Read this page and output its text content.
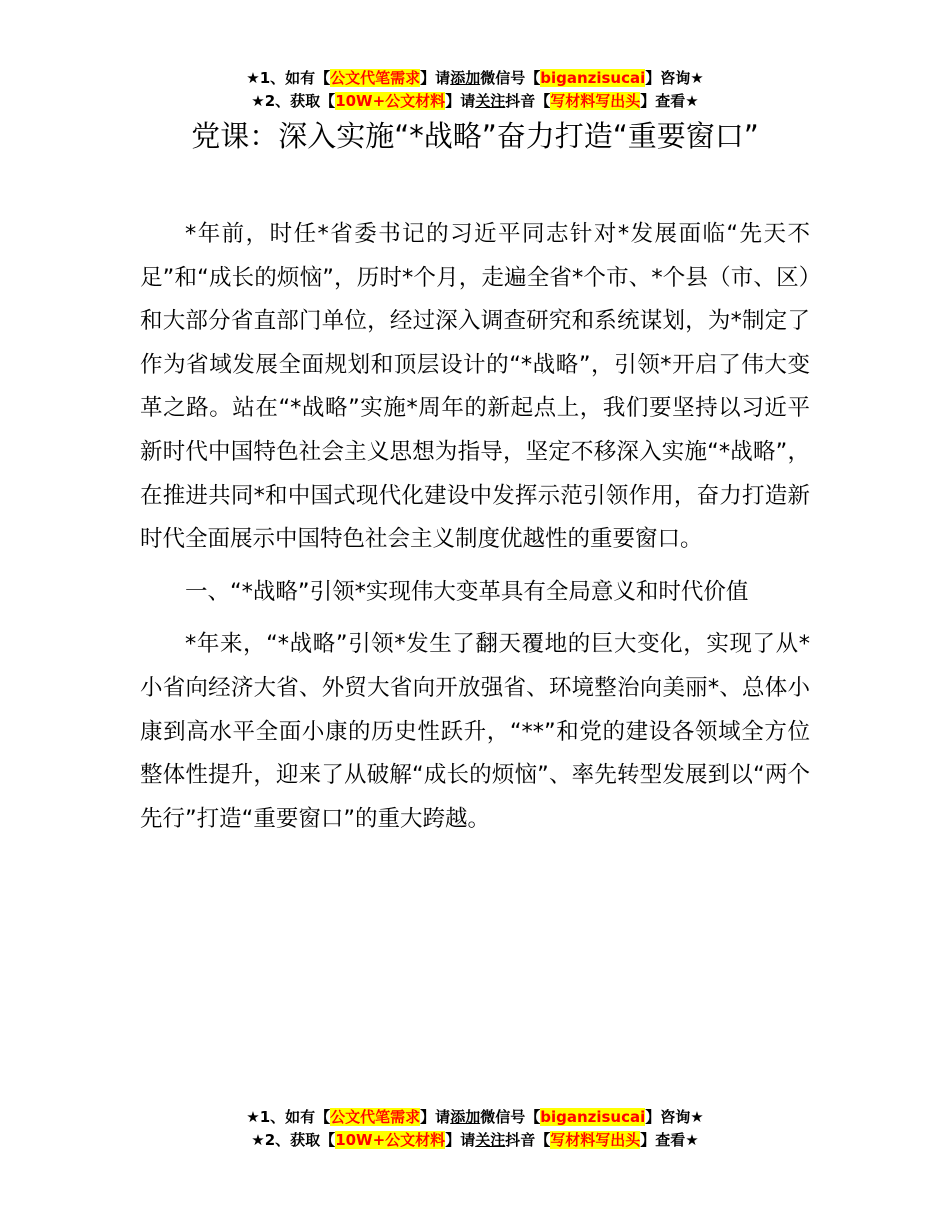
★1、如有【公文代笔需求】请添加微信号【biganzisucai】咨询★
★2、获取【10W+公文材料】请关注抖音【写材料写出头】查看★
党课：深入实施“*战略”奋力打造“重要窗口”

*年前，时任*省委书记的习近平同志针对*发展面临“先天不足”和“成长的烦恼”，历时*个月，走遍全省*个市、*个县（市、区）和大部分省直部门单位，经过深入调查研究和系统谋划，为*制定了作为省域发展全面规划和顶层设计的“*战略”，引领*开启了伟大变革之路。站在“*战略”实施*周年的新起点上，我们要坚持以习近平新时代中国特色社会主义思想为指导，坚定不移深入实施“*战略”，在推进共同*和中国式现代化建设中发挥示范引领作用，奋力打造新时代全面展示中国特色社会主义制度优越性的重要窗口。

一、“*战略”引领*实现伟大变革具有全局意义和时代价值

*年来，“*战略”引领*发生了翻天覆地的巨大变化，实现了从*小省向经济大省、外贸大省向开放强省、环境整治向美丽*、总体小康到高水平全面小康的历史性跃升，“**”和党的建设各领域全方位整体性提升，迎来了从破解“成长的烦恼”、率先转型发展到以“两个先行”打造“重要窗口”的重大跨越。

★1、如有【公文代笔需求】请添加微信号【biganzisucai】咨询★
★2、获取【10W+公文材料】请关注抖音【写材料写出头】查看★
